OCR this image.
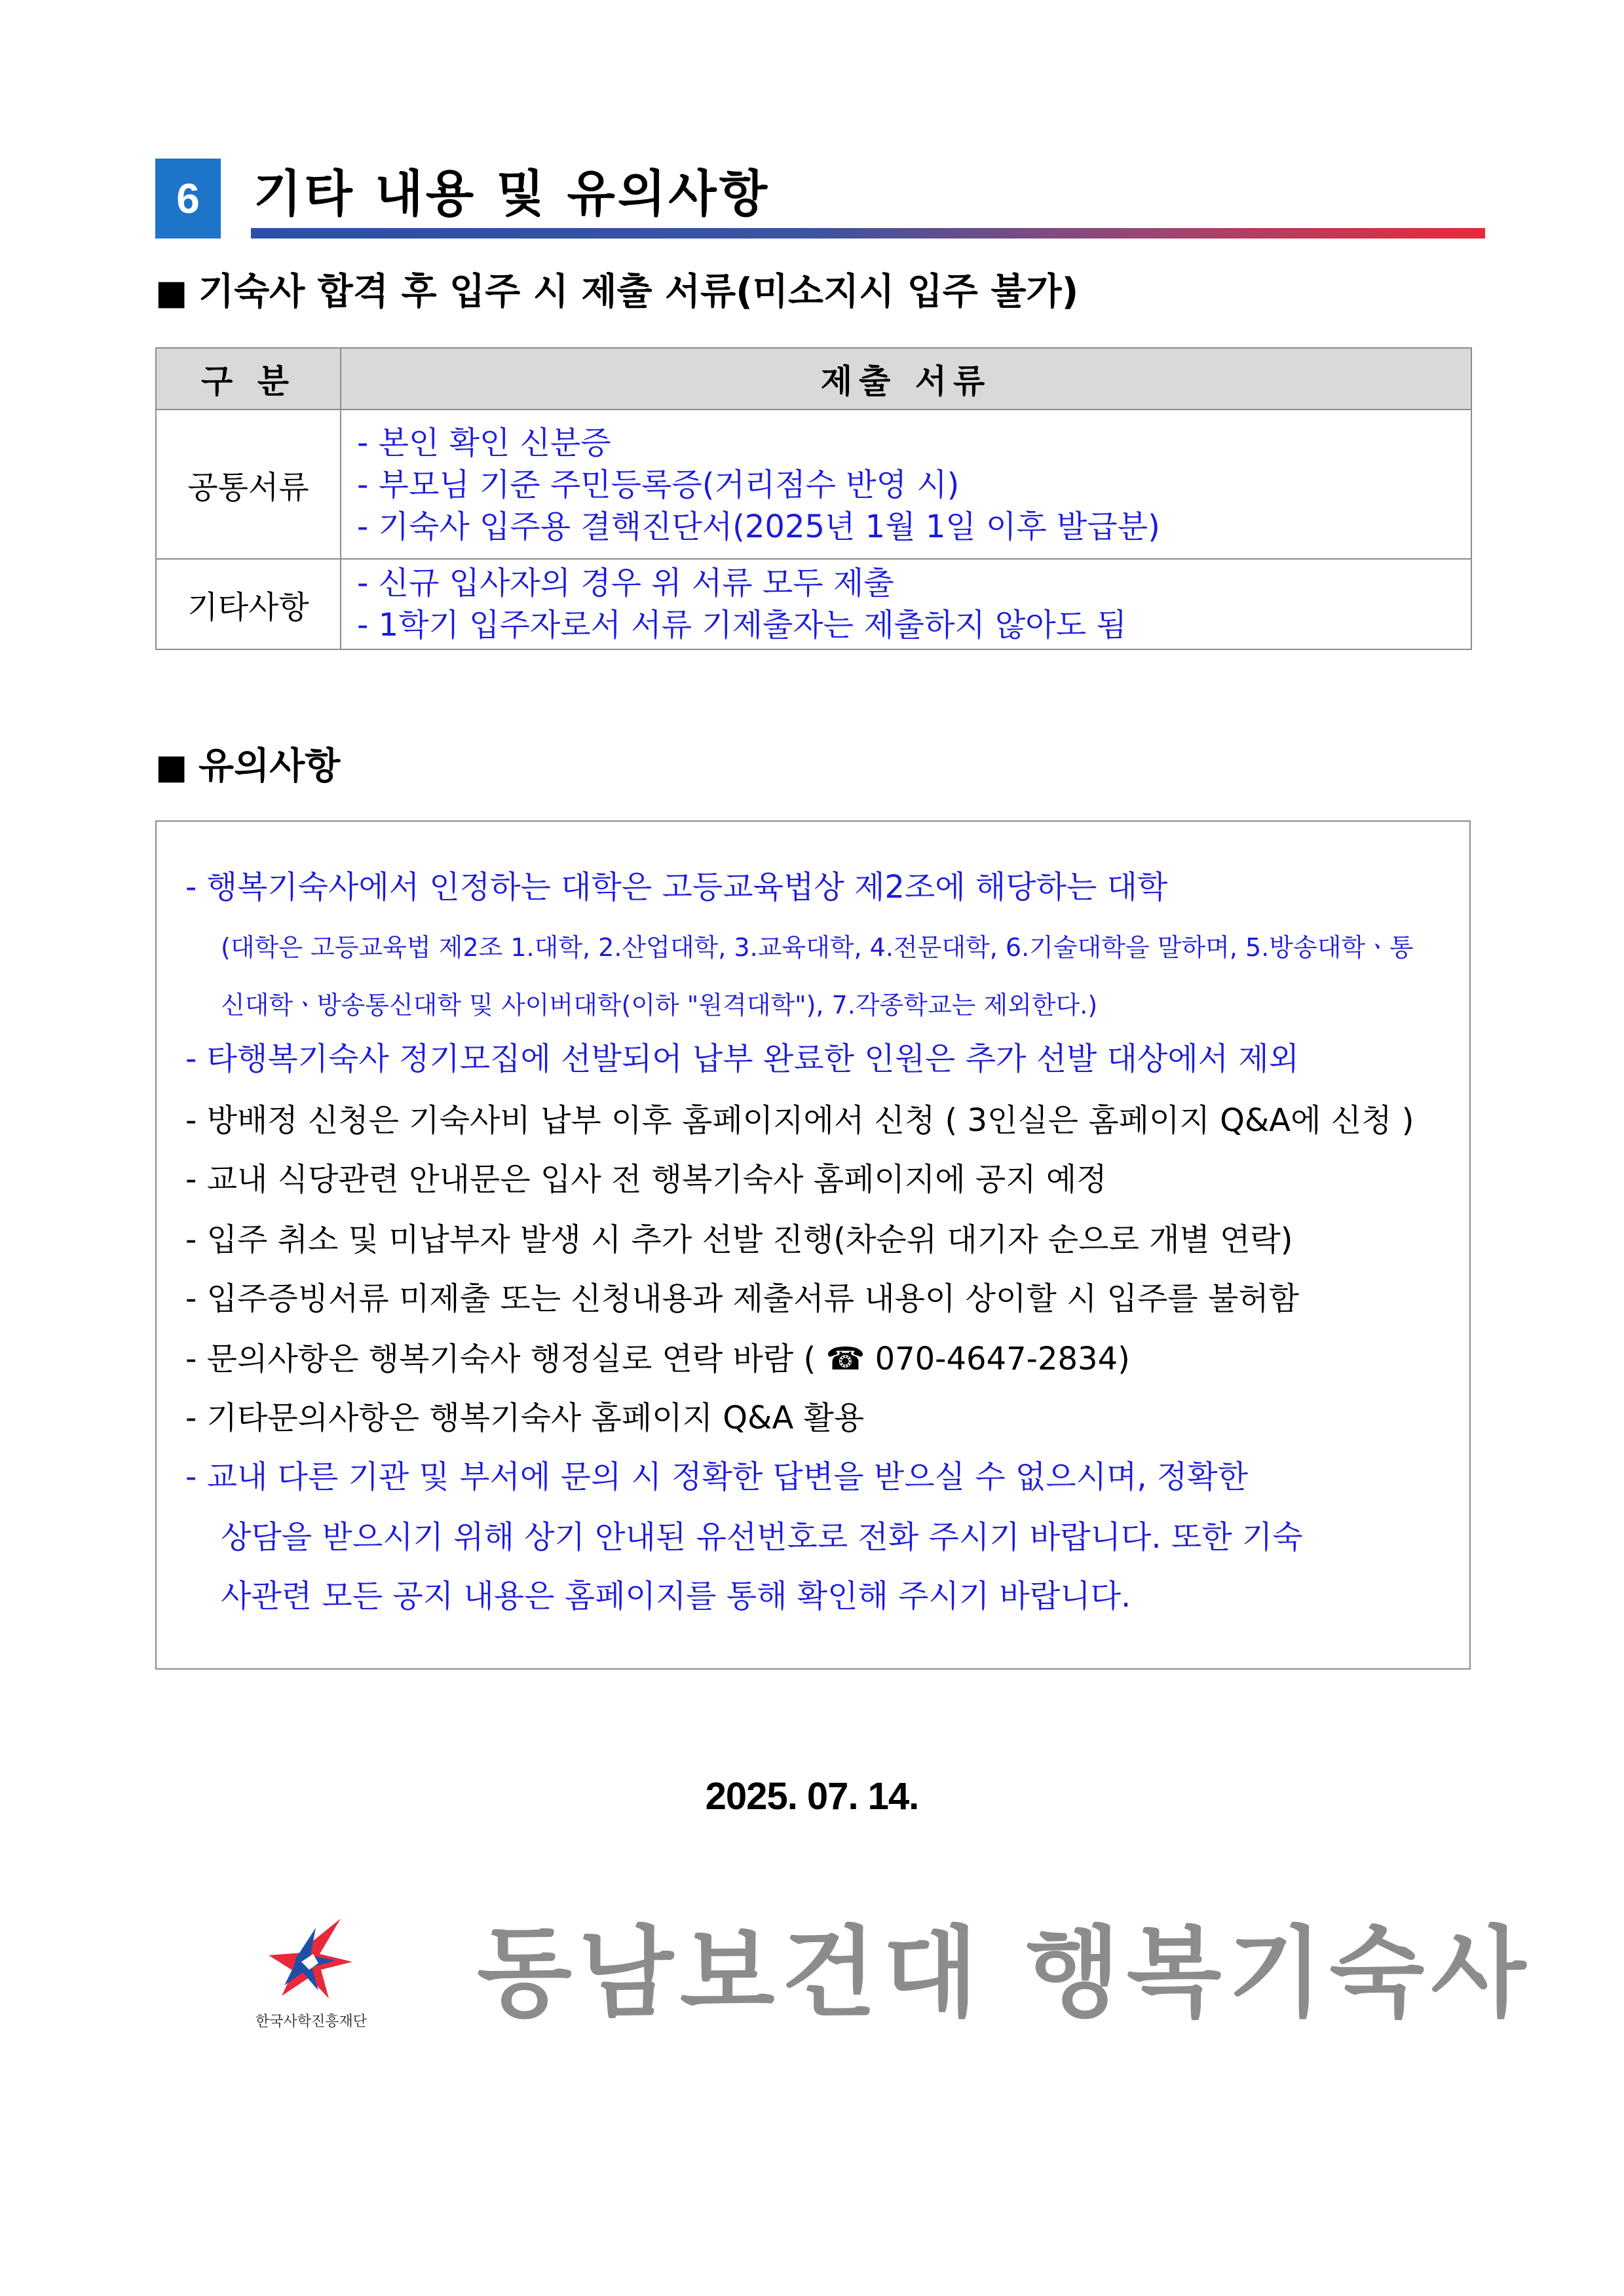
6	기타 내용 및 유의사항
■ 기숙사 합격 후 입주 시 제출 서류(미소지시 입주 불가)
구 분	제출 서류
공통서류	- 본인 확인 신분증
- 부모님 기준 주민등록증(거리점수 반영 시)
- 기숙사 입주용 결핵진단서(2025년 1월 1일 이후 발급분)

기타사항	- 신규 입사자의 경우 위 서류 모두 제출
- 1학기 입주자로서 서류 기제출자는 제출하지 않아도 됨
■ 유의사항
- 행복기숙사에서 인정하는 대학은 고등교육법상 제2조에 해당하는 대학
(대학은 고등교육법 제2조 1.대학, 2.산업대학, 3.교육대학, 4.전문대학, 6.기술대학을 말하며, 5.방송대학ㆍ통
신대학ㆍ방송통신대학 및 사이버대학(이하 "원격대학"), 7.각종학교는 제외한다.)
- 타행복기숙사 정기모집에 선발되어 납부 완료한 인원은 추가 선발 대상에서 제외
- 방배정 신청은 기숙사비 납부 이후 홈페이지에서 신청 ( 3인실은 홈페이지 Q&A에 신청 )
- 교내 식당관련 안내문은 입사 전 행복기숙사 홈페이지에 공지 예정
- 입주 취소 및 미납부자 발생 시 추가 선발 진행(차순위 대기자 순으로 개별 연락)
- 입주증빙서류 미제출 또는 신청내용과 제출서류 내용이 상이할 시 입주를 불허함
- 문의사항은 행복기숙사 행정실로 연락 바람 ( ☎ 070-4647-2834)
- 기타문의사항은 행복기숙사 홈페이지 Q&A 활용
- 교내 다른 기관 및 부서에 문의 시 정확한 답변을 받으실 수 없으시며, 정확한
상담을 받으시기 위해 상기 안내된 유선번호로 전화 주시기 바랍니다. 또한 기숙
사관련 모든 공지 내용은 홈페이지를 통해 확인해 주시기 바랍니다.
2025. 07. 14.
한국사학진흥재단 동남보건대 행복기숙사
